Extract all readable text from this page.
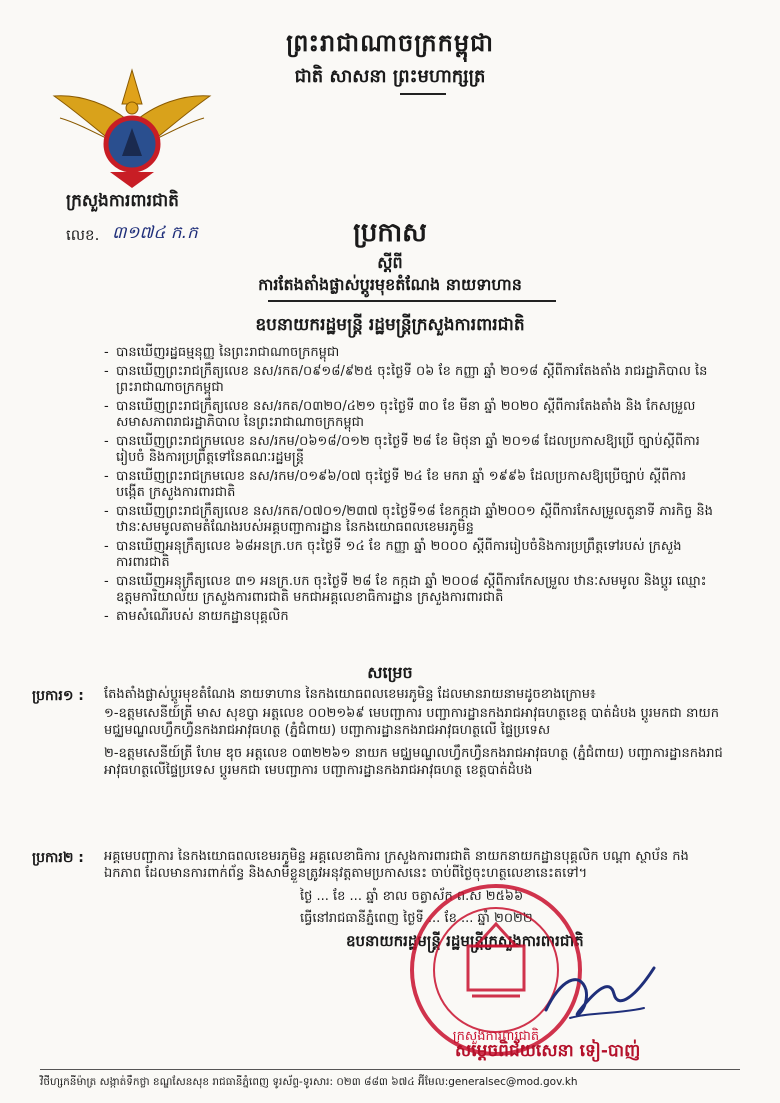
ព្រះរាជាណាចក្រកម្ពុជា
ជាតិ សាសនា ព្រះមហាក្សត្រ
ក្រសួងការពារជាតិ
លេខ. ៣១៧៤ ក.ក	ប្រកាស
ស្តីពី
ការតែងតាំងផ្លាស់ប្តូរមុខតំណែង នាយទាហាន
ឧបនាយករដ្ឋមន្ត្រី រដ្ឋមន្ត្រីក្រសួងការពារជាតិ
- បានឃើញរដ្ឋធម្មនុញ្ញ នៃព្រះរាជាណាចក្រកម្ពុជា
- បានឃើញព្រះរាជក្រឹត្យលេខ នស/រកត/០៩១៨/៩២៥ ចុះថ្ងៃទី ០៦ ខែ កញ្ញា ឆ្នាំ ២០១៨ ស្តីពីការតែងតាំង រាជរដ្ឋាភិបាល នៃព្រះរាជាណាចក្រកម្ពុជា
- បានឃើញព្រះរាជក្រឹត្យលេខ នស/រកត/០៣២០/៤២១ ចុះថ្ងៃទី ៣០ ខែ មីនា ឆ្នាំ ២០២០ ស្តីពីការតែងតាំង និង កែសម្រួលសមាសភាពរាជរដ្ឋាភិបាល នៃព្រះរាជាណាចក្រកម្ពុជា
- បានឃើញព្រះរាជក្រមលេខ នស/រកម/០៦១៨/០១២ ចុះថ្ងៃទី ២៨ ខែ មិថុនា ឆ្នាំ ២០១៨ ដែលប្រកាសឱ្យប្រើ ច្បាប់ស្តីពីការរៀបចំ និងការប្រព្រឹត្តទៅនៃគណៈរដ្ឋមន្ត្រី
- បានឃើញព្រះរាជក្រមលេខ នស/រកម/០១៩៦/០៧ ចុះថ្ងៃទី ២៤ ខែ មករា ឆ្នាំ ១៩៩៦ ដែលប្រកាសឱ្យប្រើច្បាប់ ស្តីពីការបង្កើត ក្រសួងការពារជាតិ
- បានឃើញព្រះរាជក្រឹត្យលេខ នស/រកត/០៧០១/២៣៧ ចុះថ្ងៃទី១៨ ខែកក្កដា ឆ្នាំ២០០១ ស្តីពីការកែសម្រួលតួនាទី ភារកិច្ច និងឋានៈសមមូលតាមតំណែងរបស់អគ្គបញ្ជាការដ្ឋាន នៃកងយោធពលខេមរភូមិន្ទ
- បានឃើញអនុក្រឹត្យលេខ ៦៨អនក្រ.បក ចុះថ្ងៃទី ១៤ ខែ កញ្ញា ឆ្នាំ ២០០០ ស្តីពីការរៀបចំនិងការប្រព្រឹត្តទៅរបស់ ក្រសួងការពារជាតិ
- បានឃើញអនុក្រឹត្យលេខ ៣១ អនក្រ.បក ចុះថ្ងៃទី ២៨ ខែ កក្កដា ឆ្នាំ ២០០៨ ស្តីពីការកែសម្រួល ឋានៈសមមូល និងប្តូរ ឈ្មោះឧត្តមការិយាល័យ ក្រសួងការពារជាតិ មកជាអគ្គលេខាធិការដ្ឋាន ក្រសួងការពារជាតិ
- តាមសំណើរបស់ នាយកដ្ឋានបុគ្គលិក
សម្រេច
ប្រការ១ : តែងតាំងផ្លាស់ប្តូរមុខតំណែង នាយទាហាន នៃកងយោធពលខេមរភូមិន្ទ ដែលមានរាយនាមដូចខាងក្រោម៖
១-ឧត្តមសេនីយ៍ត្រី មាស សុខប្ញា អត្តលេខ ០០២១៦៩ មេបញ្ជាការ បញ្ជាការដ្ឋានកងរាជអាវុធហត្ថខេត្ត បាត់ដំបង ប្តូរមកជា នាយក មជ្ឈមណ្ឌលហ្វឹកហ្វឺនកងរាជអាវុធហត្ថ (ភ្នំជំពាយ) បញ្ជាការដ្ឋានកងរាជអាវុធហត្ថលើ ផ្ទៃប្រទេស
២-ឧត្តមសេនីយ៍ត្រី ហែម ឌុច អត្តលេខ ០៣២២៦១ នាយក មជ្ឈមណ្ឌលហ្វឹកហ្វឺនកងរាជអាវុធហត្ថ (ភ្នំជំពាយ) បញ្ជាការដ្ឋានកងរាជអាវុធហត្ថលើផ្ទៃប្រទេស ប្តូរមកជា មេបញ្ជាការ បញ្ជាការដ្ឋានកងរាជអាវុធហត្ថ ខេត្តបាត់ដំបង
ប្រការ២ : អគ្គមេបញ្ជាការ នៃកងយោធពលខេមរភូមិន្ទ អគ្គលេខាធិការ ក្រសួងការពារជាតិ នាយកនាយកដ្ឋានបុគ្គលិក បណ្តា ស្ថាប័ន កងឯកភាព ដែលមានការពាក់ព័ន្ធ និងសាមីខ្លួនត្រូវអនុវត្តតាមប្រកាសនេះ ចាប់ពីថ្ងៃចុះហត្ថលេខានេះតទៅ។
ថ្ងៃ ... ខែ ... ឆ្នាំ ខាល ចត្វាស័ក ព.ស ២៥៦៦
ធ្វើនៅរាជធានីភ្នំពេញ ថ្ងៃទី ... ខែ ... ឆ្នាំ ២០២២
ឧបនាយករដ្ឋមន្ត្រី រដ្ឋមន្ត្រីក្រសួងការពារជាតិ
ក្រសួងការពារជាតិ
សម្តេចពិជ័យសេនា ទៀ-បាញ់
វិថីហ្សកនីម៉ាត្រ សង្កាត់ទឹកថ្លា ខណ្ឌសែនសុខ រាជធានីភ្នំពេញ ទូរស័ព្ទ-ទូរសារ: ០២៣ ៨៨៣ ៦៧៤ អ៊ីមែល:generalsec@mod.gov.kh
